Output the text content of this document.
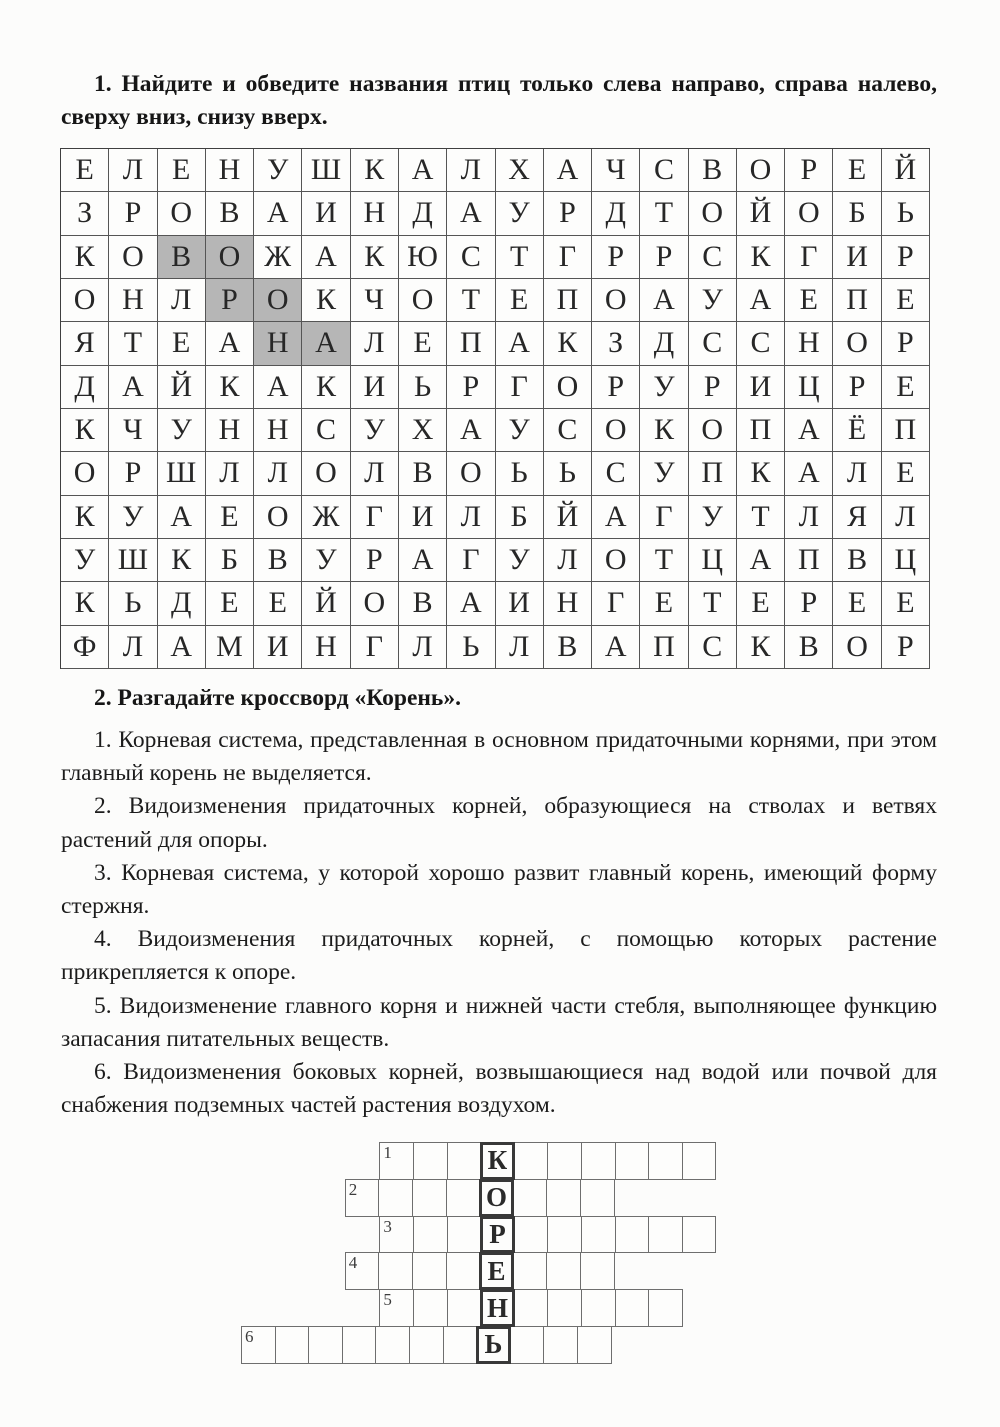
1. Найдите и обведите названия птиц только слева направо, справа налево, сверху вниз, снизу вверх.

Е Л Е Н У Ш К А Л Х А Ч С В О Р	Е Й
З	Р О В А И Н Д А У Р Д Т О Й О Б	Ь
К О В О Ж А К Ю С Т	Г	Р	Р С К Г И Р
О Н Л Р О К Ч О Т Е П О А У А Е П Е
Я Т Е А Н А Л Е П А К	З	Д С С Н О Р
Д А Й К А К И Ь	Р	Г О Р У Р И Ц Р	Е
К Ч У Н Н С У Х А У С О К О П А Ё П
О Р Ш Л Л О Л В О Ь	Ь С У П К А Л Е
К У А Е О Ж Г И Л Б Й А Г У Т Л Я Л
У Ш К Б В У Р А Г У Л О Т Ц А П В Ц
К Ь Д Е Е Й О В А И Н Г	Е Т Е	Р	Е Е
Ф Л А М И Н Г Л Ь Л В А П С К В О Р

2. Разгадайте кроссворд «Корень».

1. Корневая система, представленная в основном придаточными корнями, при этом главный корень не выделяется.

2. Видоизменения придаточных корней, образующиеся на стволах и ветвях растений для опоры.

3. Корневая система, у которой хорошо развит главный корень, имеющий форму стержня.

4. Видоизменения придаточных корней, с помощью которых растение прикрепляется к опоре.

5. Видоизменение главного корня и нижней части стебля, выполняющее функцию запасания питательных веществ.

6. Видоизменения боковых корней, возвышающиеся над водой или почвой для снабжения подземных частей растения воздухом.

1	К
2	О
3	Р
4	Е
5	Н
6	Ь
